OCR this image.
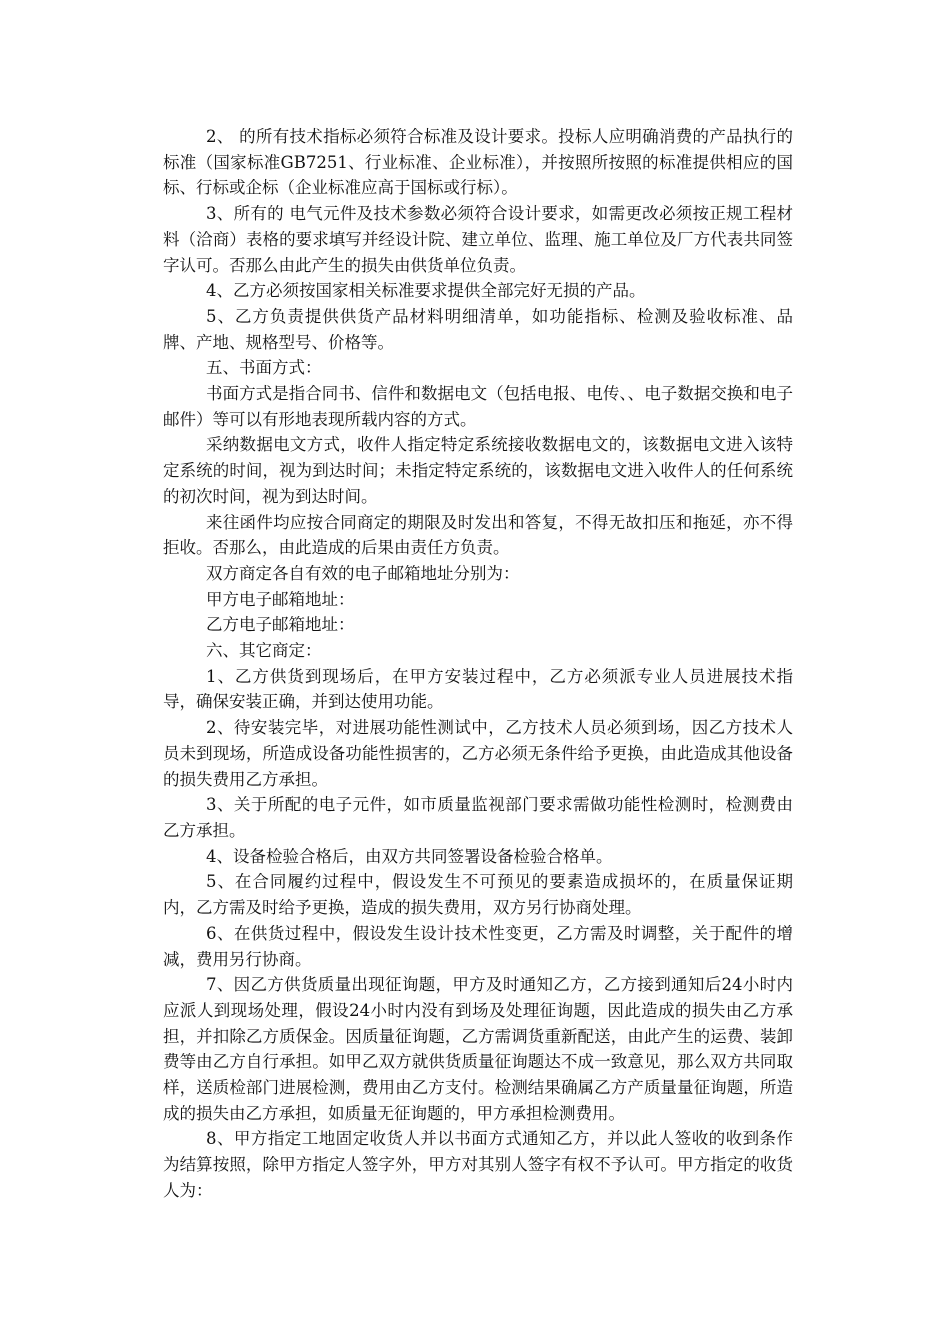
2、 的所有技术指标必须符合标准及设计要求。投标人应明确消费的产品执行的标准（国家标准GB7251、行业标准、企业标准），并按照所按照的标准提供相应的国标、行标或企标（企业标准应高于国标或行标）。

3、所有的 电气元件及技术参数必须符合设计要求，如需更改必须按正规工程材料（洽商）表格的要求填写并经设计院、建立单位、监理、施工单位及厂方代表共同签字认可。否那么由此产生的损失由供货单位负责。

4、乙方必须按国家相关标准要求提供全部完好无损的产品。

5、乙方负责提供供货产品材料明细清单，如功能指标、检测及验收标准、品牌、产地、规格型号、价格等。

五、书面方式：

书面方式是指合同书、信件和数据电文（包括电报、电传、、电子数据交换和电子邮件）等可以有形地表现所载内容的方式。

采纳数据电文方式，收件人指定特定系统接收数据电文的，该数据电文进入该特定系统的时间，视为到达时间；未指定特定系统的，该数据电文进入收件人的任何系统的初次时间，视为到达时间。

来往函件均应按合同商定的期限及时发出和答复，不得无故扣压和拖延，亦不得拒收。否那么，由此造成的后果由责任方负责。

双方商定各自有效的电子邮箱地址分别为：

甲方电子邮箱地址：

乙方电子邮箱地址：

六、其它商定：

1、乙方供货到现场后，在甲方安装过程中，乙方必须派专业人员进展技术指导，确保安装正确，并到达使用功能。

2、待安装完毕，对进展功能性测试中，乙方技术人员必须到场，因乙方技术人员未到现场，所造成设备功能性损害的，乙方必须无条件给予更换，由此造成其他设备的损失费用乙方承担。

3、关于所配的电子元件，如市质量监视部门要求需做功能性检测时，检测费由乙方承担。

4、设备检验合格后，由双方共同签署设备检验合格单。

5、在合同履约过程中，假设发生不可预见的要素造成损坏的，在质量保证期内，乙方需及时给予更换，造成的损失费用，双方另行协商处理。

6、在供货过程中，假设发生设计技术性变更，乙方需及时调整，关于配件的增减，费用另行协商。

7、因乙方供货质量出现征询题，甲方及时通知乙方，乙方接到通知后24小时内应派人到现场处理，假设24小时内没有到场及处理征询题，因此造成的损失由乙方承担，并扣除乙方质保金。因质量征询题，乙方需调货重新配送，由此产生的运费、装卸费等由乙方自行承担。如甲乙双方就供货质量征询题达不成一致意见，那么双方共同取样，送质检部门进展检测，费用由乙方支付。检测结果确属乙方产质量量征询题，所造成的损失由乙方承担，如质量无征询题的，甲方承担检测费用。

8、甲方指定工地固定收货人并以书面方式通知乙方，并以此人签收的收到条作为结算按照，除甲方指定人签字外，甲方对其别人签字有权不予认可。甲方指定的收货人为：
